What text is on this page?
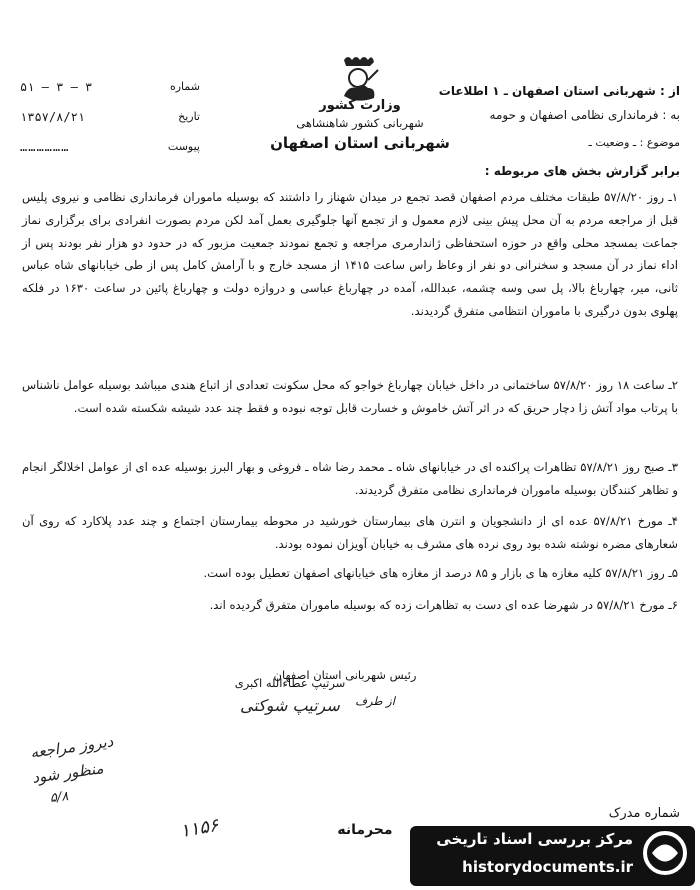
۵۱ — ۳ — ۳	شماره
۱۳۵۷/۸/۲۱	تاریخ
………………	پیوست
وزارت کشور
شهربانی کشور شاهنشاهی
شهربانی استان اصفهان
از : شهربانی استان اصفهان ـ ۱ اطلاعات
به : فرمانداری نظامی اصفهان و حومه
موضوع : ـ وضعیت ـ
برابر گزارش بخش های مربوطه :
۱ـ روز ۵۷/۸/۲۰ طبقات مختلف مردم اصفهان قصد تجمع در میدان شهناز را داشتند که بوسیله ماموران فرمانداری نظامی و نیروی پلیس قبل از مراجعه مردم به آن محل پیش بینی لازم معمول و از تجمع آنها جلوگیری بعمل آمد لکن مردم بصورت انفرادی برای برگزاری نماز جماعت بمسجد محلی واقع در حوزه استحفاظی ژاندارمری مراجعه و تجمع نمودند جمعیت مزبور که در حدود دو هزار نفر بودند پس از اداء نماز در آن مسجد و سخنرانی دو نفر از وعاظ راس ساعت ۱۴۱۵ از مسجد خارج و با آرامش کامل پس از طی خیابانهای شاه عباس ثانی، میر، چهارباغ بالا، پل سی وسه چشمه، عبدالله، آمده در چهارباغ عباسی و دروازه دولت و چهارباغ پائین در ساعت ۱۶۳۰ در فلکه پهلوی بدون درگیری با ماموران انتظامی متفرق گردیدند.
۲ـ ساعت ۱۸ روز ۵۷/۸/۲۰ ساختمانی در داخل خیابان چهارباغ خواجو که محل سکونت تعدادی از اتباع هندی میباشد بوسیله عوامل ناشناس با پرتاب مواد آتش زا دچار حریق که در اثر آتش خاموش و خسارت قابل توجه نبوده و فقط چند عدد شیشه شکسته شده است.
۳ـ صبح روز ۵۷/۸/۲۱ تظاهرات پراکنده ای در خیابانهای شاه ـ محمد رضا شاه ـ فروغی و بهار البرز بوسیله عده ای از عوامل اخلالگر انجام و تظاهر کنندگان بوسیله ماموران فرمانداری نظامی متفرق گردیدند.
۴ـ مورخ ۵۷/۸/۲۱ عده ای از دانشجویان و انترن های بیمارستان خورشید در محوطه بیمارستان اجتماع و چند عدد پلاکارد که روی آن شعارهای مضره نوشته شده بود روی نرده های مشرف به خیابان آویزان نموده بودند.
۵ـ روز ۵۷/۸/۲۱ کلیه مغازه ها ی بازار و ۸۵ درصد از مغازه های خیابانهای اصفهان تعطیل بوده است.
۶ـ مورخ ۵۷/۸/۲۱ در شهرضا عده ای دست به تظاهرات زده که بوسیله ماموران متفرق گردیده اند.
رئیس شهربانی استان اصفهان
از طرف
سرتیپ عطاءالله اکبری
سرتیپ شوکتی
دیروز مراجعه
منظور شود
۵/۸
شماره مدرک
محرمانه
۱۱۵۶	مرکز بررسی اسناد تاریخی
historydocuments.ir
